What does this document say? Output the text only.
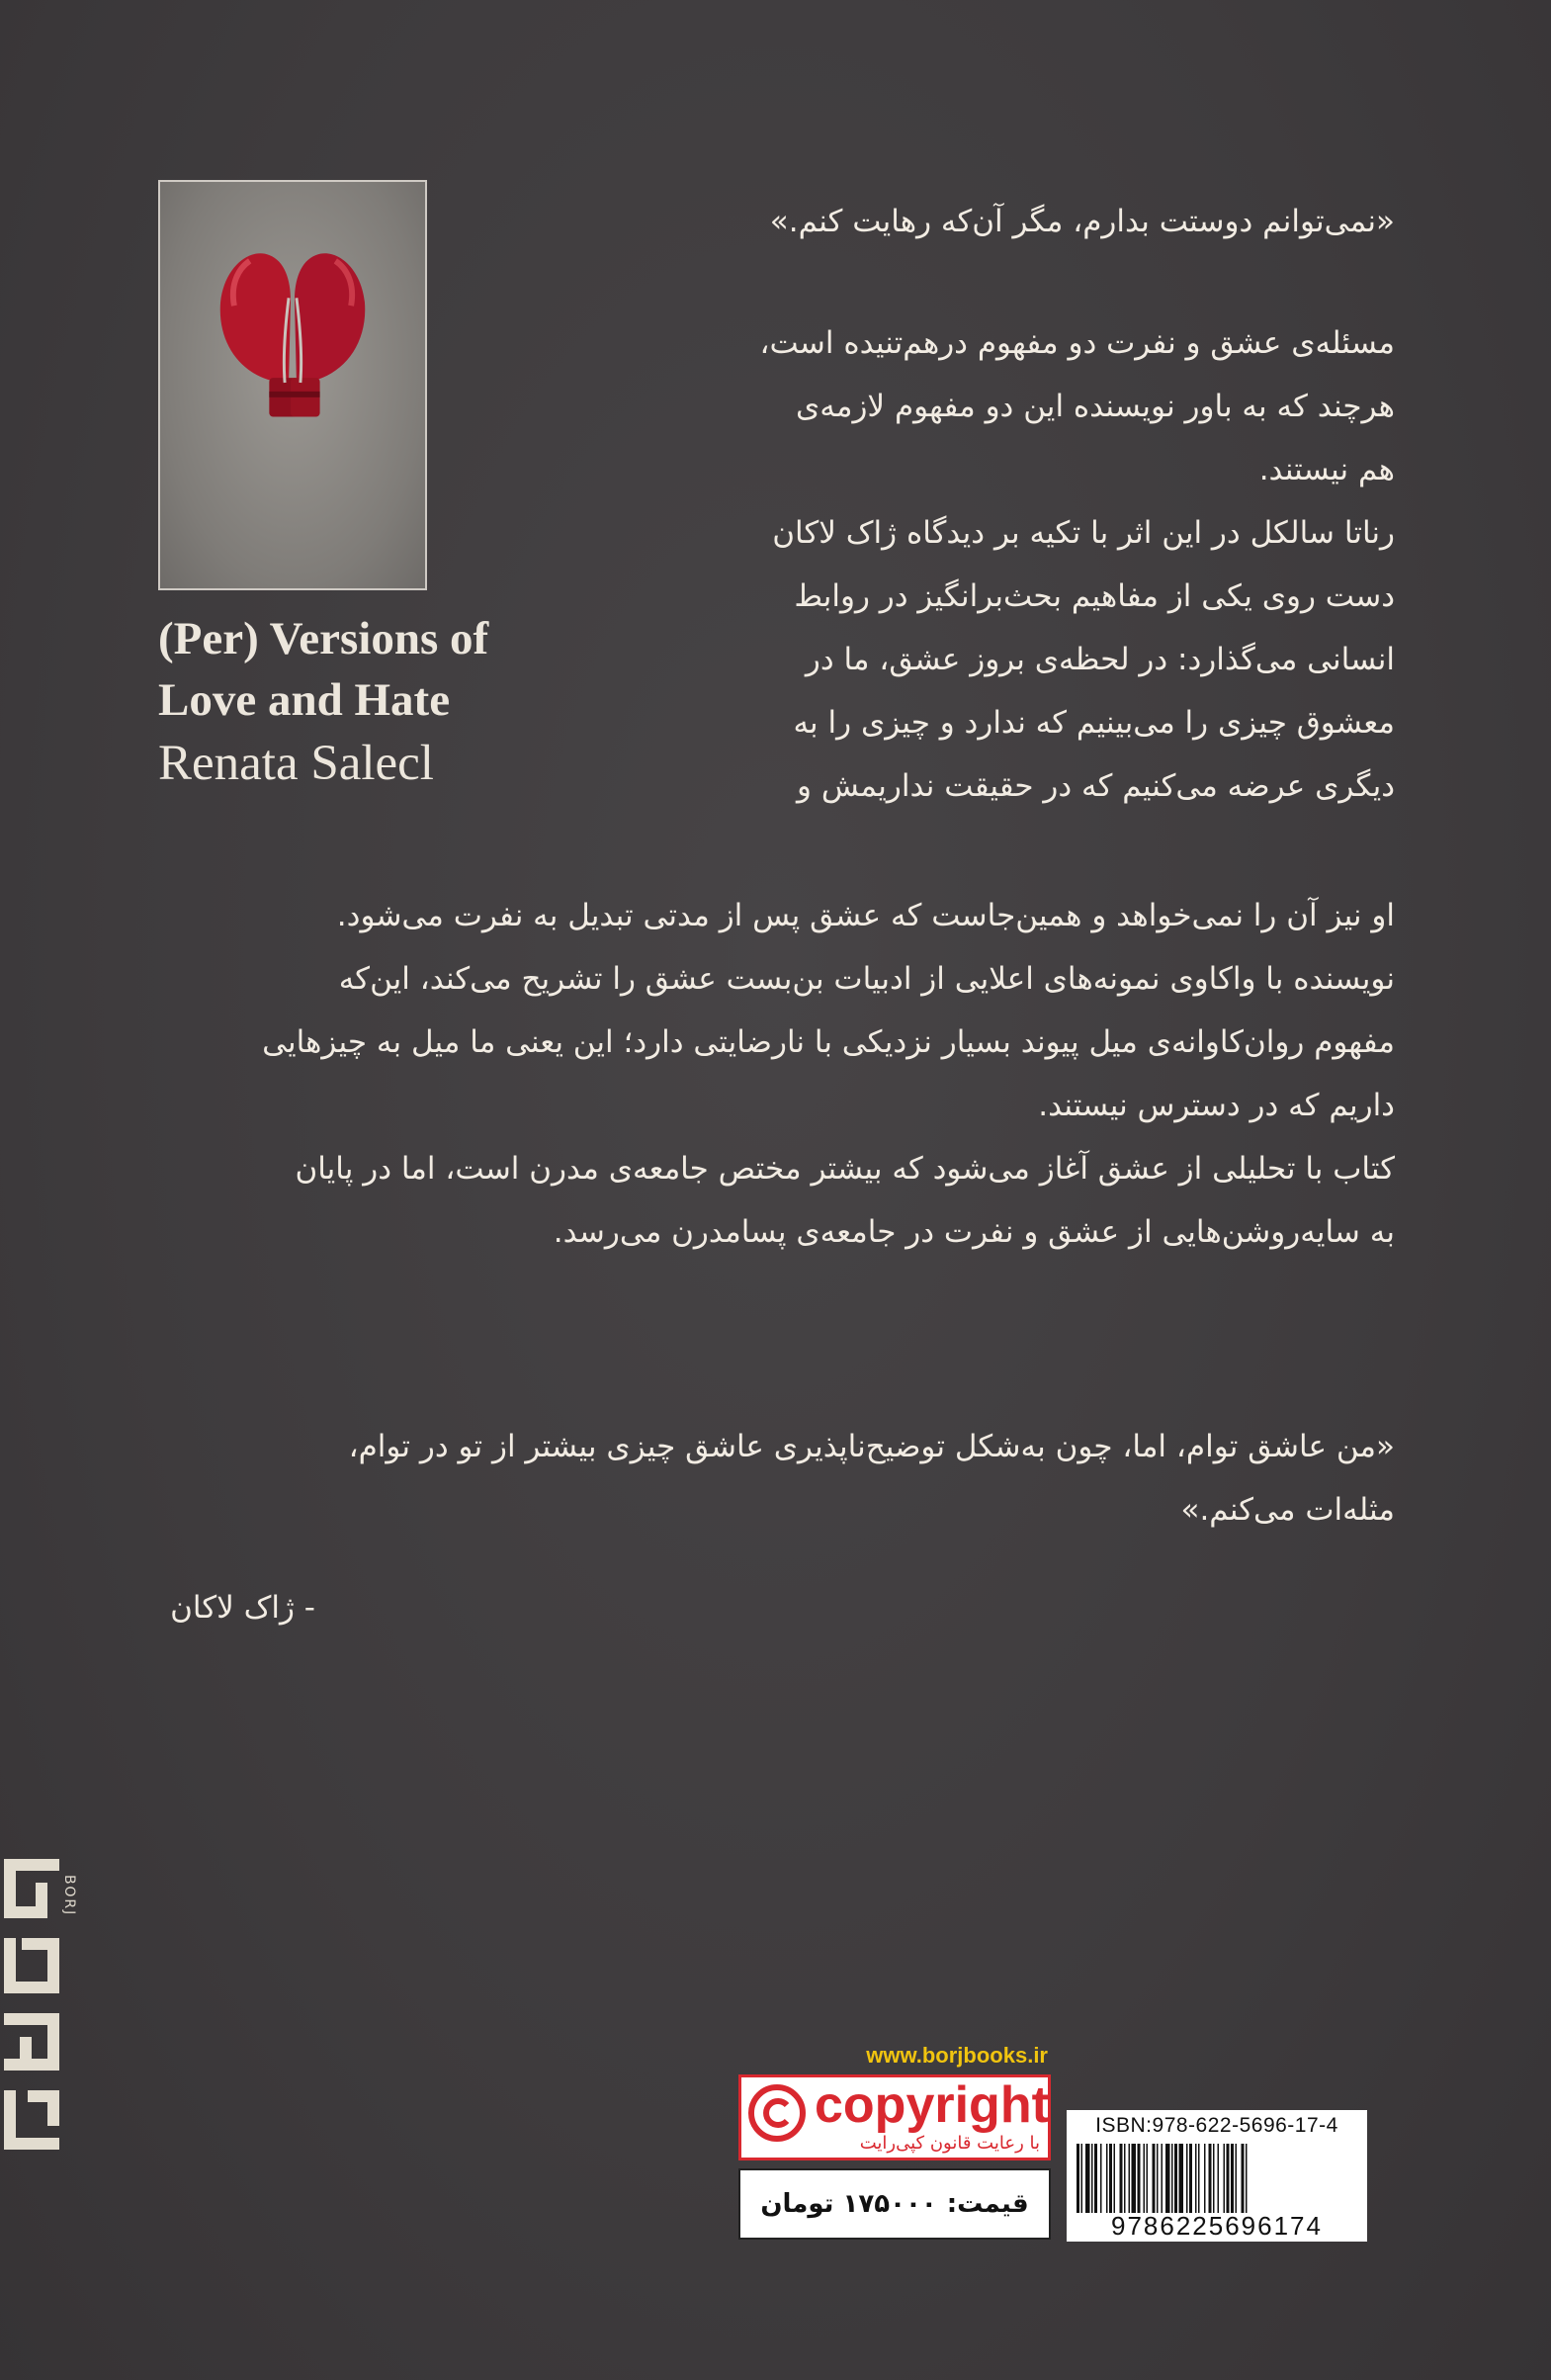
(Per) Versions of
Love and Hate
Renata Salecl
«نمی‌توانم دوستت بدارم، مگر آن‌که رهایت کنم.»
مسئله‌ی عشق و نفرت دو مفهوم درهم‌تنیده است،
هرچند که به باور نویسنده این دو مفهوم لازمه‌ی
هم نیستند.
رناتا سالکل در این اثر با تکیه بر دیدگاه ژاک لاکان
دست روی یکی از مفاهیم بحث‌برانگیز در روابط
انسانی می‌گذارد: در لحظه‌ی بروز عشق، ما در
معشوق چیزی را می‌بینیم که ندارد و چیزی را به
دیگری عرضه می‌کنیم که در حقیقت نداریمش و
او نیز آن را نمی‌خواهد و همین‌جاست که عشق پس از مدتی تبدیل به نفرت می‌شود.
نویسنده با واکاوی نمونه‌های اعلایی از ادبیات بن‌بست عشق را تشریح می‌کند، این‌که
مفهوم روان‌کاوانه‌ی میل پیوند بسیار نزدیکی با نارضایتی دارد؛ این یعنی ما میل به چیزهایی
داریم که در دسترس نیستند.
کتاب با تحلیلی از عشق آغاز می‌شود که بیشتر مختص جامعه‌ی مدرن است، اما در پایان
به سایه‌روشن‌هایی از عشق و نفرت در جامعه‌ی پسامدرن می‌رسد.
«من عاشق توام، اما، چون به‌شکل توضیح‌ناپذیری عاشق چیزی بیشتر از تو در توام،
مثله‌ات می‌کنم.»
- ژاک لاکان
BORJ
www.borjbooks.ir
copyright
با رعایت قانون کپی‌رایت
قیمت:
۱۷۵۰۰۰ تومان
ISBN:978-622-5696-17-4
9786225696174
